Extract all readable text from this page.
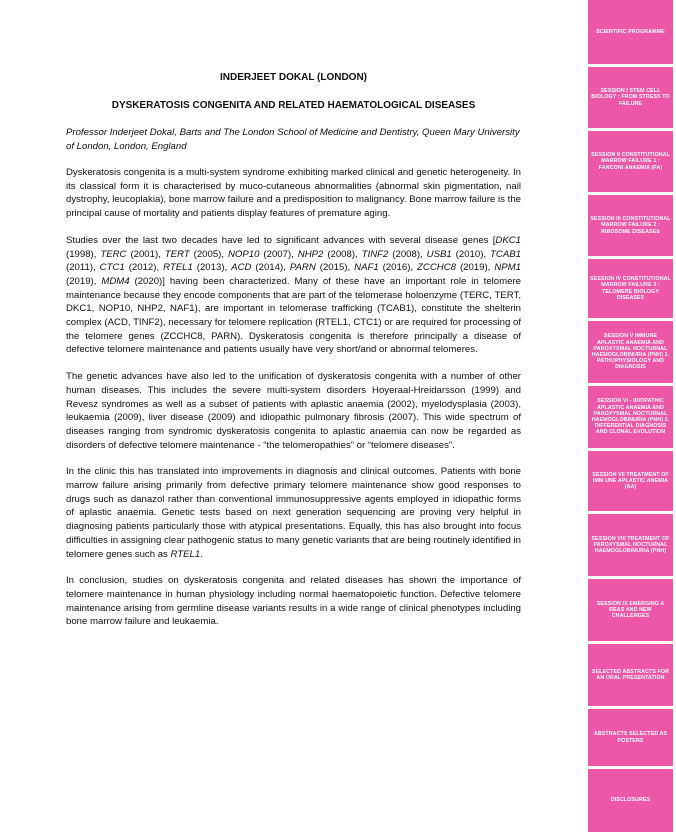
INDERJEET DOKAL (LONDON)

DYSKERATOSIS CONGENITA AND RELATED HAEMATOLOGICAL DISEASES

Professor Inderjeet Dokal, Barts and The London School of Medicine and Dentistry, Queen Mary University of London, London, England
Dyskeratosis congenita is a multi-system syndrome exhibiting marked clinical and genetic heterogeneity. In its classical form it is characterised by muco-cutaneous abnormalities (abnormal skin pigmentation, nail dystrophy, leucoplakia), bone marrow failure and a predisposition to malignancy. Bone marrow failure is the principal cause of mortality and patients display features of premature aging.
Studies over the last two decades have led to significant advances with several disease genes [DKC1 (1998), TERC (2001), TERT (2005), NOP10 (2007), NHP2 (2008), TINF2 (2008), USB1 (2010), TCAB1 (2011), CTC1 (2012), RTEL1 (2013), ACD (2014), PARN (2015), NAF1 (2016), ZCCHC8 (2019), NPM1 (2019), MDM4 (2020)] having been characterized. Many of these have an important role in telomere maintenance because they encode components that are part of the telomerase holoenzyme (TERC, TERT, DKC1, NOP10, NHP2, NAF1), are important in telomerase trafficking (TCAB1), constitute the shelterin complex (ACD, TINF2), necessary for telomere replication (RTEL1, CTC1) or are required for processing of the telomere genes (ZCCHC8, PARN). Dyskeratosis congenita is therefore principally a disease of defective telomere maintenance and patients usually have very short/and or abnormal telomeres.
The genetic advances have also led to the unification of dyskeratosis congenita with a number of other human diseases. This includes the severe multi-system disorders Hoyeraal-Hreidarsson (1999) and Revesz syndromes as well as a subset of patients with aplastic anaemia (2002), myelodysplasia (2003), leukaemia (2009), liver disease (2009) and idiopathic pulmonary fibrosis (2007). This wide spectrum of diseases ranging from syndromic dyskeratosis congenita to aplastic anaemia can now be regarded as disorders of defective telomere maintenance - “the telomeropathies” or “telomere diseases”.
In the clinic this has translated into improvements in diagnosis and clinical outcomes. Patients with bone marrow failure arising primarily from defective primary telomere maintenance show good responses to drugs such as danazol rather than conventional immunosuppressive agents employed in idiopathic forms of aplastic anaemia. Genetic tests based on next generation sequencing are proving very helpful in diagnosing patients particularly those with atypical presentations. Equally, this has also brought into focus difficulties in assigning clear pathogenic status to many genetic variants that are being routinely identified in telomere genes such as RTEL1.
In conclusion, studies on dyskeratosis congenita and related diseases has shown the importance of telomere maintenance in human physiology including normal haematopoietic function. Defective telomere maintenance arising from germline disease variants results in a wide range of clinical phenotypes including bone marrow failure and leukaemia.
SCIENTIFIC PROGRAMME
SESSION I STEM CELL BIOLOGY : FROM STRESS TO FAILURE
SESSION II CONSTITUTIONAL MARROW FAILURE 1 : FANCONI ANAEMIA (FA)
SESSION III CONSTITUTIONAL MARROW FAILURE 2 : RIBOSOME DISEASES
SESSION IV CONSTITUTIONAL MARROW FAILURE 3 : TELOMERE BIOLOGY DISEASES
SESSION V IMMUNE APLASTIC ANAEMIA AND PAROXYSMAL NOCTURNAL HAEMOGLOBINURIA (PNH) 1. PATHOPHYSIOLOGY AND DIAGNOSIS
SESSION VI - IDIOPATHIC APLASTIC ANAEMIA AND PAROXYSMAL NOCTURNAL HAEMOGLOBINURIA (PNH) 2. DIFFERENTIAL DIAGNOSIS AND CLONAL EVOLUTION
SESSION VII TREATMENT OF IMM UNE APLASTIC ANEMIA (AA)
SESSION VIII TREATMENT OF PAROXYSMAL NOCTURNAL HAEMOGLOBINURIA (PNH)
SESSION IX EMERGING A REAS AND NEW CHALLENGES
SELECTED ABSTRACTS FOR AN ORAL PRESENTATION
ABSTRACTS SELECTED AS POSTERS
DISCLOSURES
